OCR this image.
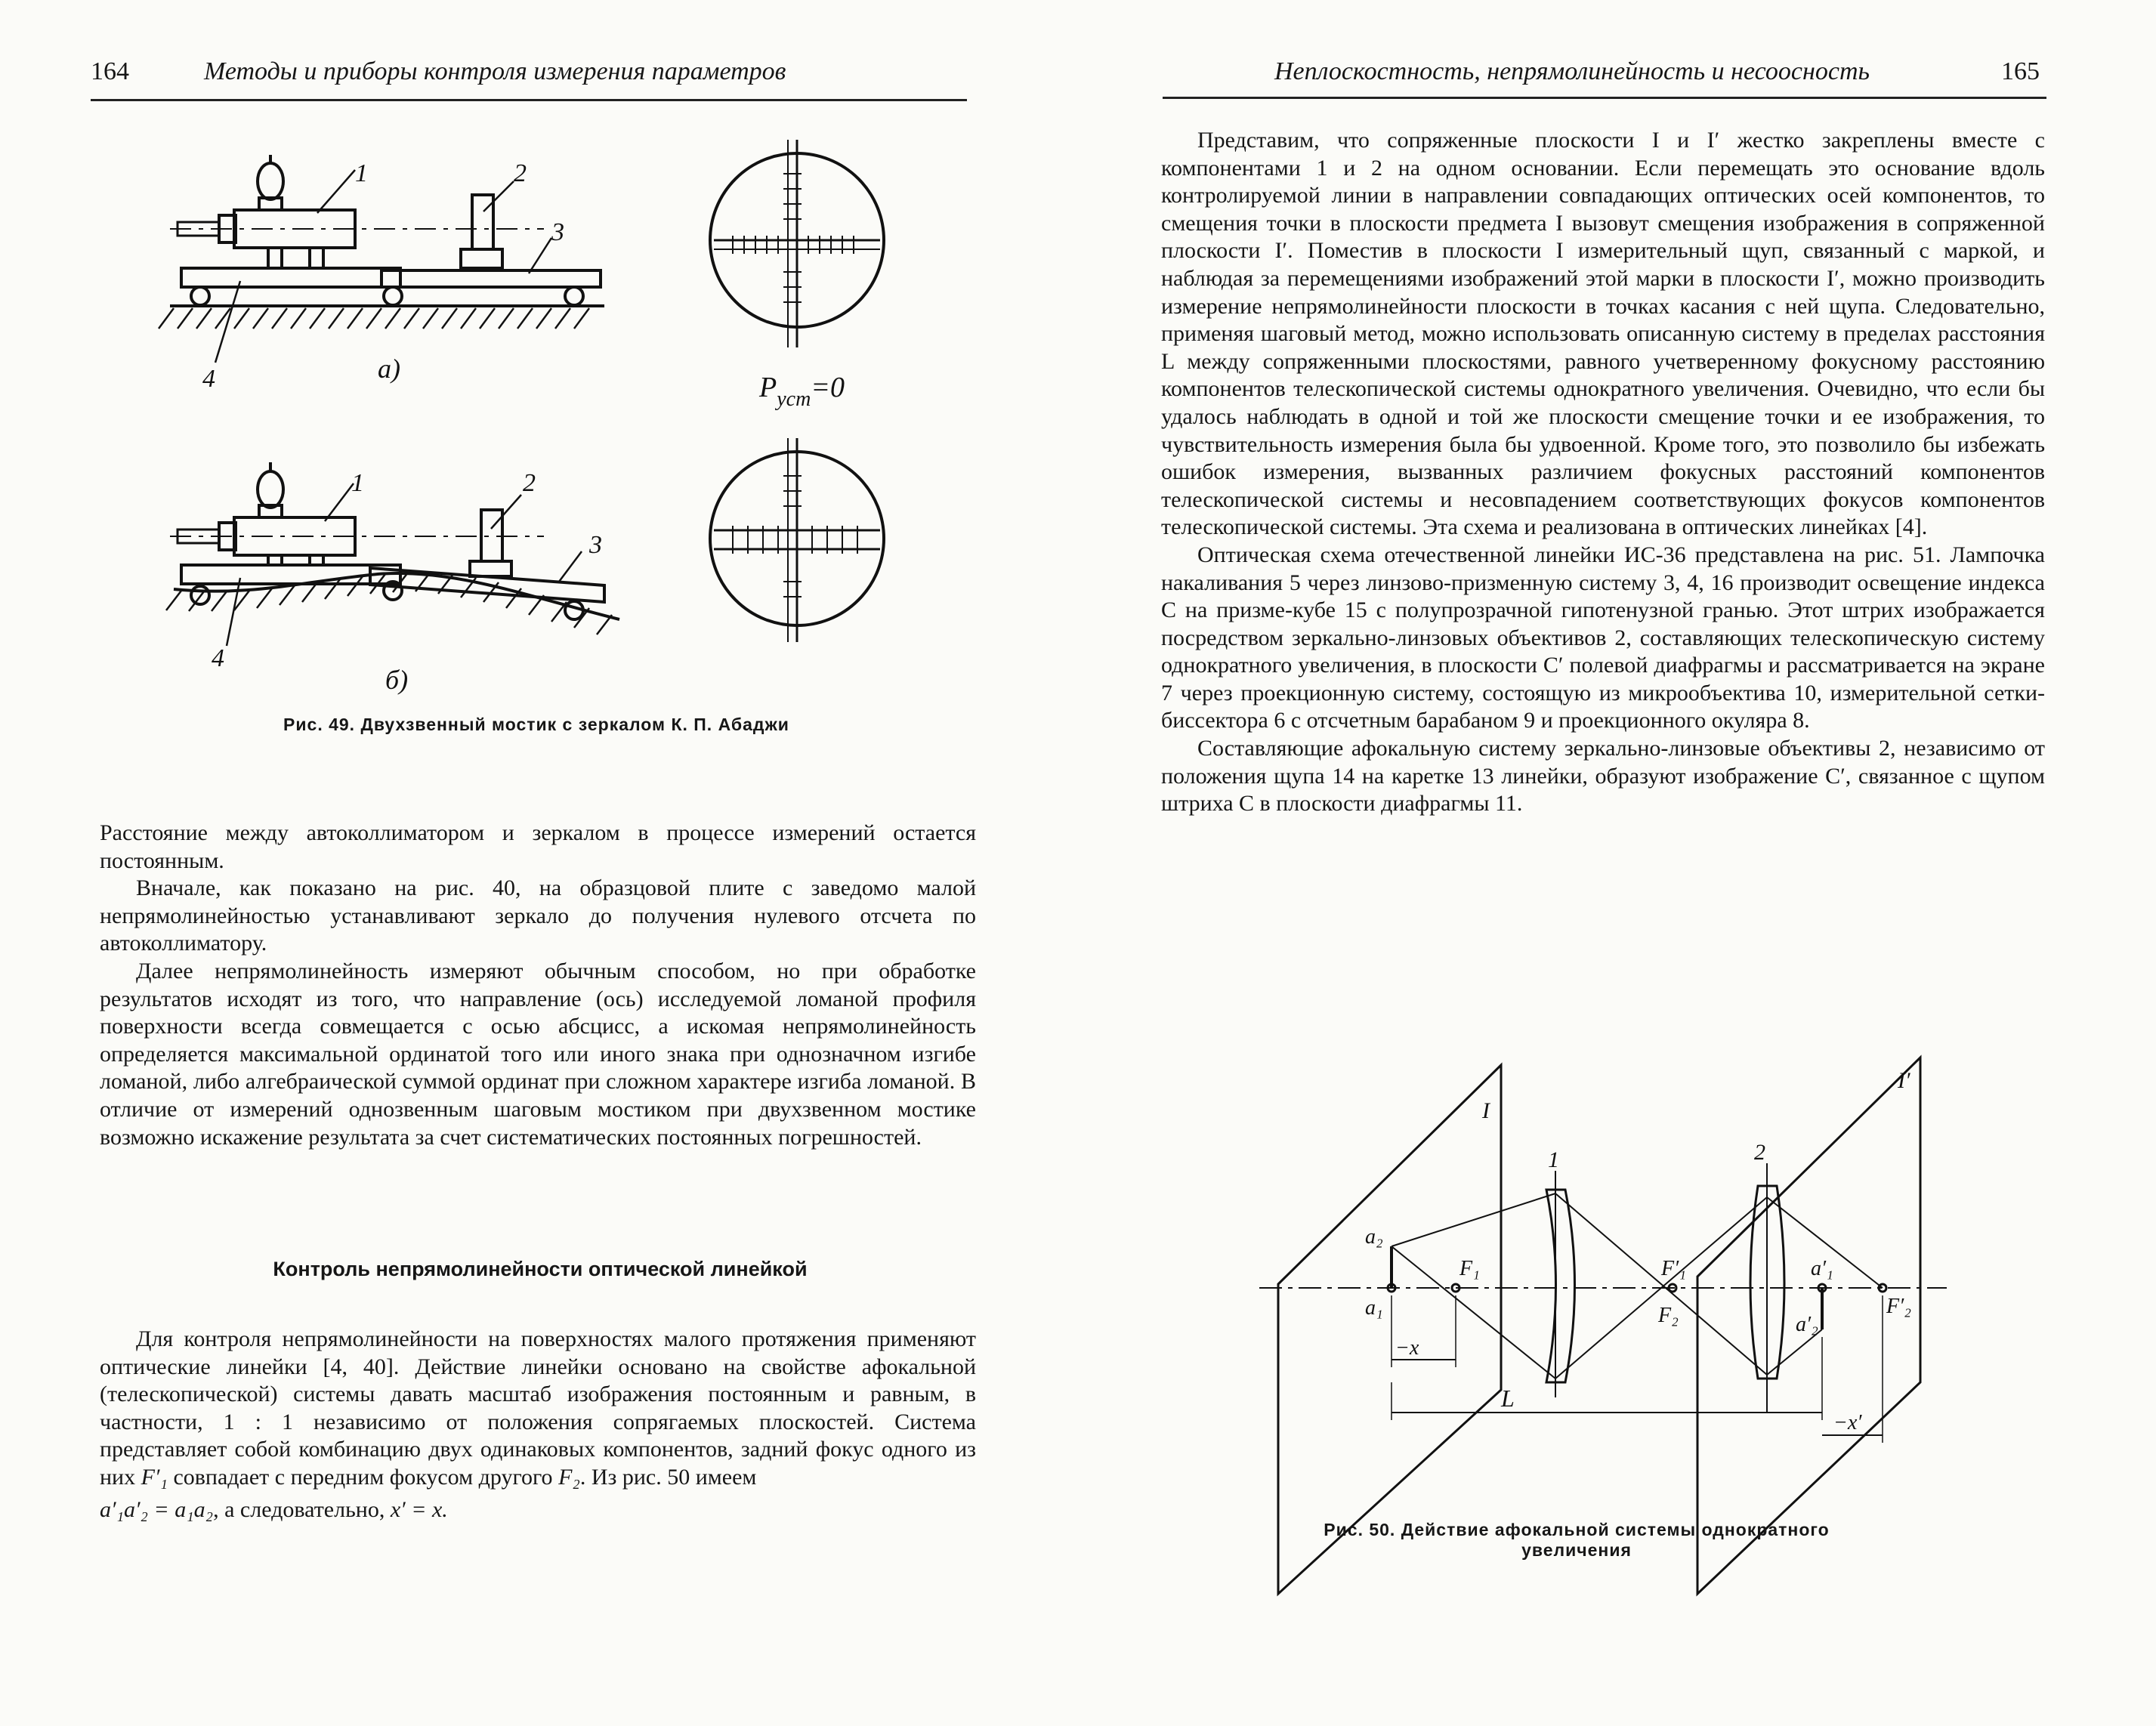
164	Методы и приборы контроля измерения параметров
1	2
3
4	a)
1	2
3
4
б)
$P_{уст}=0$
Рис. 49. Двухзвенный мостик с зеркалом К. П. Абаджи

Расстояние между автоколлиматором и зеркалом в процессе измерений остается постоянным.

Вначале, как показано на рис. 40, на образцовой плите с заведомо малой непрямолинейностью устанавливают зеркало до получения нулевого отсчета по автоколлиматору.

Далее непрямолинейность измеряют обычным способом, но при обработке результатов исходят из того, что направление (ось) исследуемой ломаной профиля поверхности всегда совмещается с осью абсцисс, а искомая непрямолинейность определяется максимальной ординатой того или иного знака при однозначном изгибе ломаной, либо алгебраической суммой ординат при сложном характере изгиба ломаной. В отличие от измерений однозвенным шаговым мостиком при двухзвенном мостике возможно искажение результата за счет систематических постоянных погрешностей.

Контроль непрямолинейности оптической линейкой

Для контроля непрямолинейности на поверхностях малого протяжения применяют оптические линейки [4, 40]. Действие линейки основано на свойстве афокальной (телескопической) системы давать масштаб изображения постоянным и равным, в частности, 1 : 1 независимо от положения сопрягаемых плоскостей. Система представляет собой комбинацию двух одинаковых компонентов, задний фокус одного из них F′₁ совпадает с передним фокусом другого F₂. Из рис. 50 имеем

a′₁a′₂ = a₁a₂, а следовательно, x′ = x.

Неплоскостность, непрямолинейность и несоосность	165

Представим, что сопряженные плоскости I и I′ жестко закреплены вместе с компонентами 1 и 2 на одном основании. Если перемещать это основание вдоль контролируемой линии в направлении совпадающих оптических осей компонентов, то смещения точки в плоскости предмета I вызовут смещения изображения в сопряженной плоскости I′. Поместив в плоскости I измерительный щуп, связанный с маркой, и наблюдая за перемещениями изображений этой марки в плоскости I′, можно производить измерение непрямолинейности плоскости в точках касания с ней щупа. Следовательно, применяя шаговый метод, можно использовать описанную систему в пределах расстояния L между сопряженными плоскостями, равного учетверенному фокусному расстоянию компонентов телескопической системы однократного увеличения. Очевидно, что если бы удалось наблюдать в одной и той же плоскости смещение точки и ее изображения, то чувствительность измерения была бы удвоенной. Кроме того, это позволило бы избежать ошибок измерения, вызванных различием фокусных расстояний компонентов телескопической системы и несовпадением соответствующих фокусов компонентов телескопической системы. Эта схема и реализована в оптических линейках [4].

Оптическая схема отечественной линейки ИС-36 представлена на рис. 51. Лампочка накаливания 5 через линзово-призменную систему 3, 4, 16 производит освещение индекса C на призме-кубе 15 с полупрозрачной гипотенузной гранью. Этот штрих изображается посредством зеркально-линзовых объективов 2, составляющих телескопическую систему однократного увеличения, в плоскости C′ полевой диафрагмы и рассматривается на экране 7 через проекционную систему, состоящую из микрообъектива 10, измерительной сетки-биссектора 6 с отсчетным барабаном 9 и проекционного окуляра 8.

Составляющие афокальную систему зеркально-линзовые объективы 2, независимо от положения щупа 14 на каретке 13 линейки, образуют изображение C′, связанное с щупом штриха C в плоскости диафрагмы 11.

I
I′
1	2
a₂
a₁
F₁	F′₁
F₂
a′₁
a′₂
F′₂
−x
L
−x′
Рис. 50. Действие афокальной системы однократного
увеличения
